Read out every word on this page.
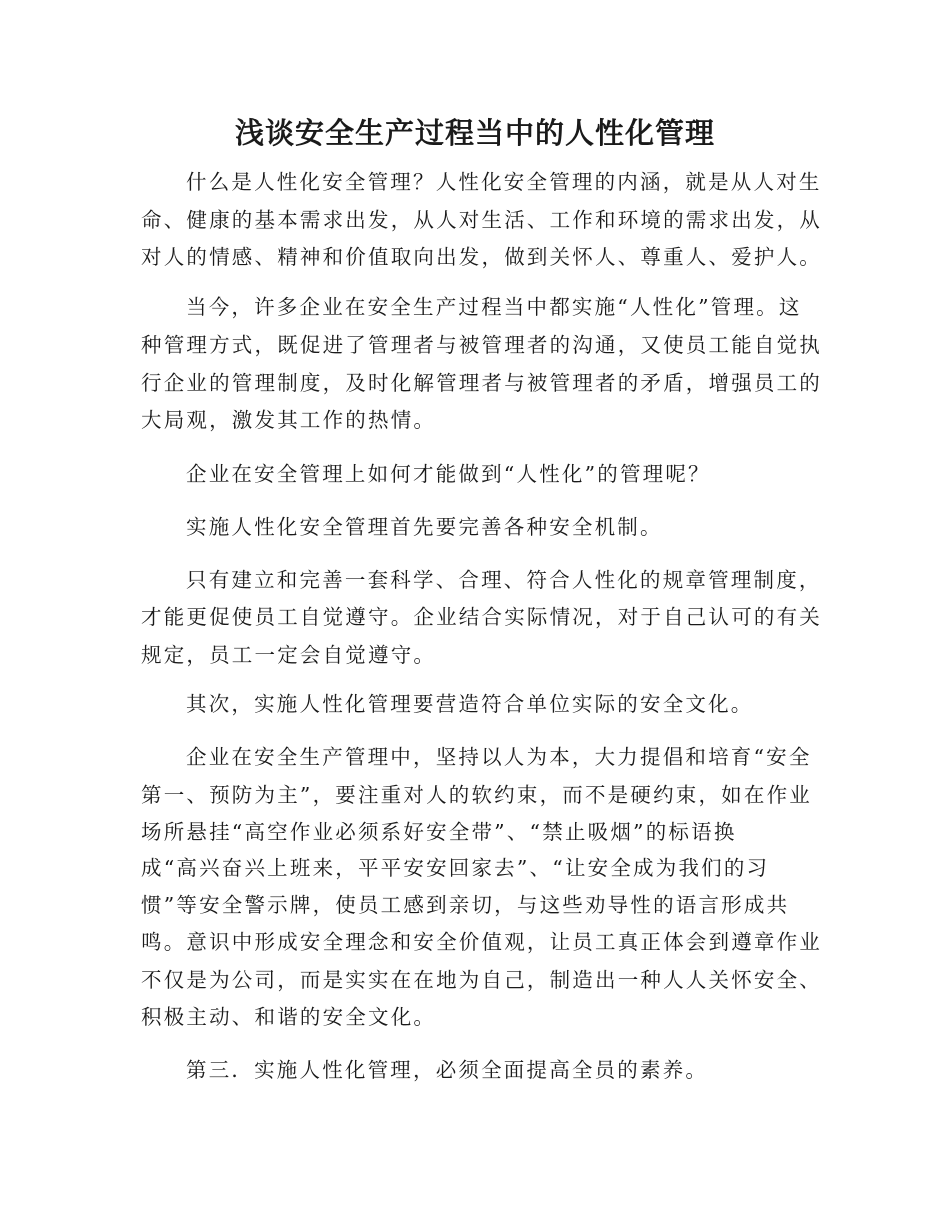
浅谈安全生产过程当中的人性化管理

什么是人性化安全管理？人性化安全管理的内涵，就是从人对生

命、健康的基本需求出发，从人对生活、工作和环境的需求出发，从

对人的情感、精神和价值取向出发，做到关怀人、尊重人、爱护人。

当今，许多企业在安全生产过程当中都实施“人性化”管理。这

种管理方式，既促进了管理者与被管理者的沟通，又使员工能自觉执

行企业的管理制度，及时化解管理者与被管理者的矛盾，增强员工的

大局观，激发其工作的热情。

企业在安全管理上如何才能做到“人性化”的管理呢？

实施人性化安全管理首先要完善各种安全机制。

只有建立和完善一套科学、合理、符合人性化的规章管理制度，

才能更促使员工自觉遵守。企业结合实际情况，对于自己认可的有关

规定，员工一定会自觉遵守。

其次，实施人性化管理要营造符合单位实际的安全文化。

企业在安全生产管理中，坚持以人为本，大力提倡和培育“安全

第一、预防为主”，要注重对人的软约束，而不是硬约束，如在作业

场所悬挂“高空作业必须系好安全带”、“禁止吸烟”的标语换

成“高兴奋兴上班来，平平安安回家去”、“让安全成为我们的习

惯”等安全警示牌，使员工感到亲切，与这些劝导性的语言形成共

鸣。意识中形成安全理念和安全价值观，让员工真正体会到遵章作业

不仅是为公司，而是实实在在地为自己，制造出一种人人关怀安全、

积极主动、和谐的安全文化。

第三．实施人性化管理，必须全面提高全员的素养。
